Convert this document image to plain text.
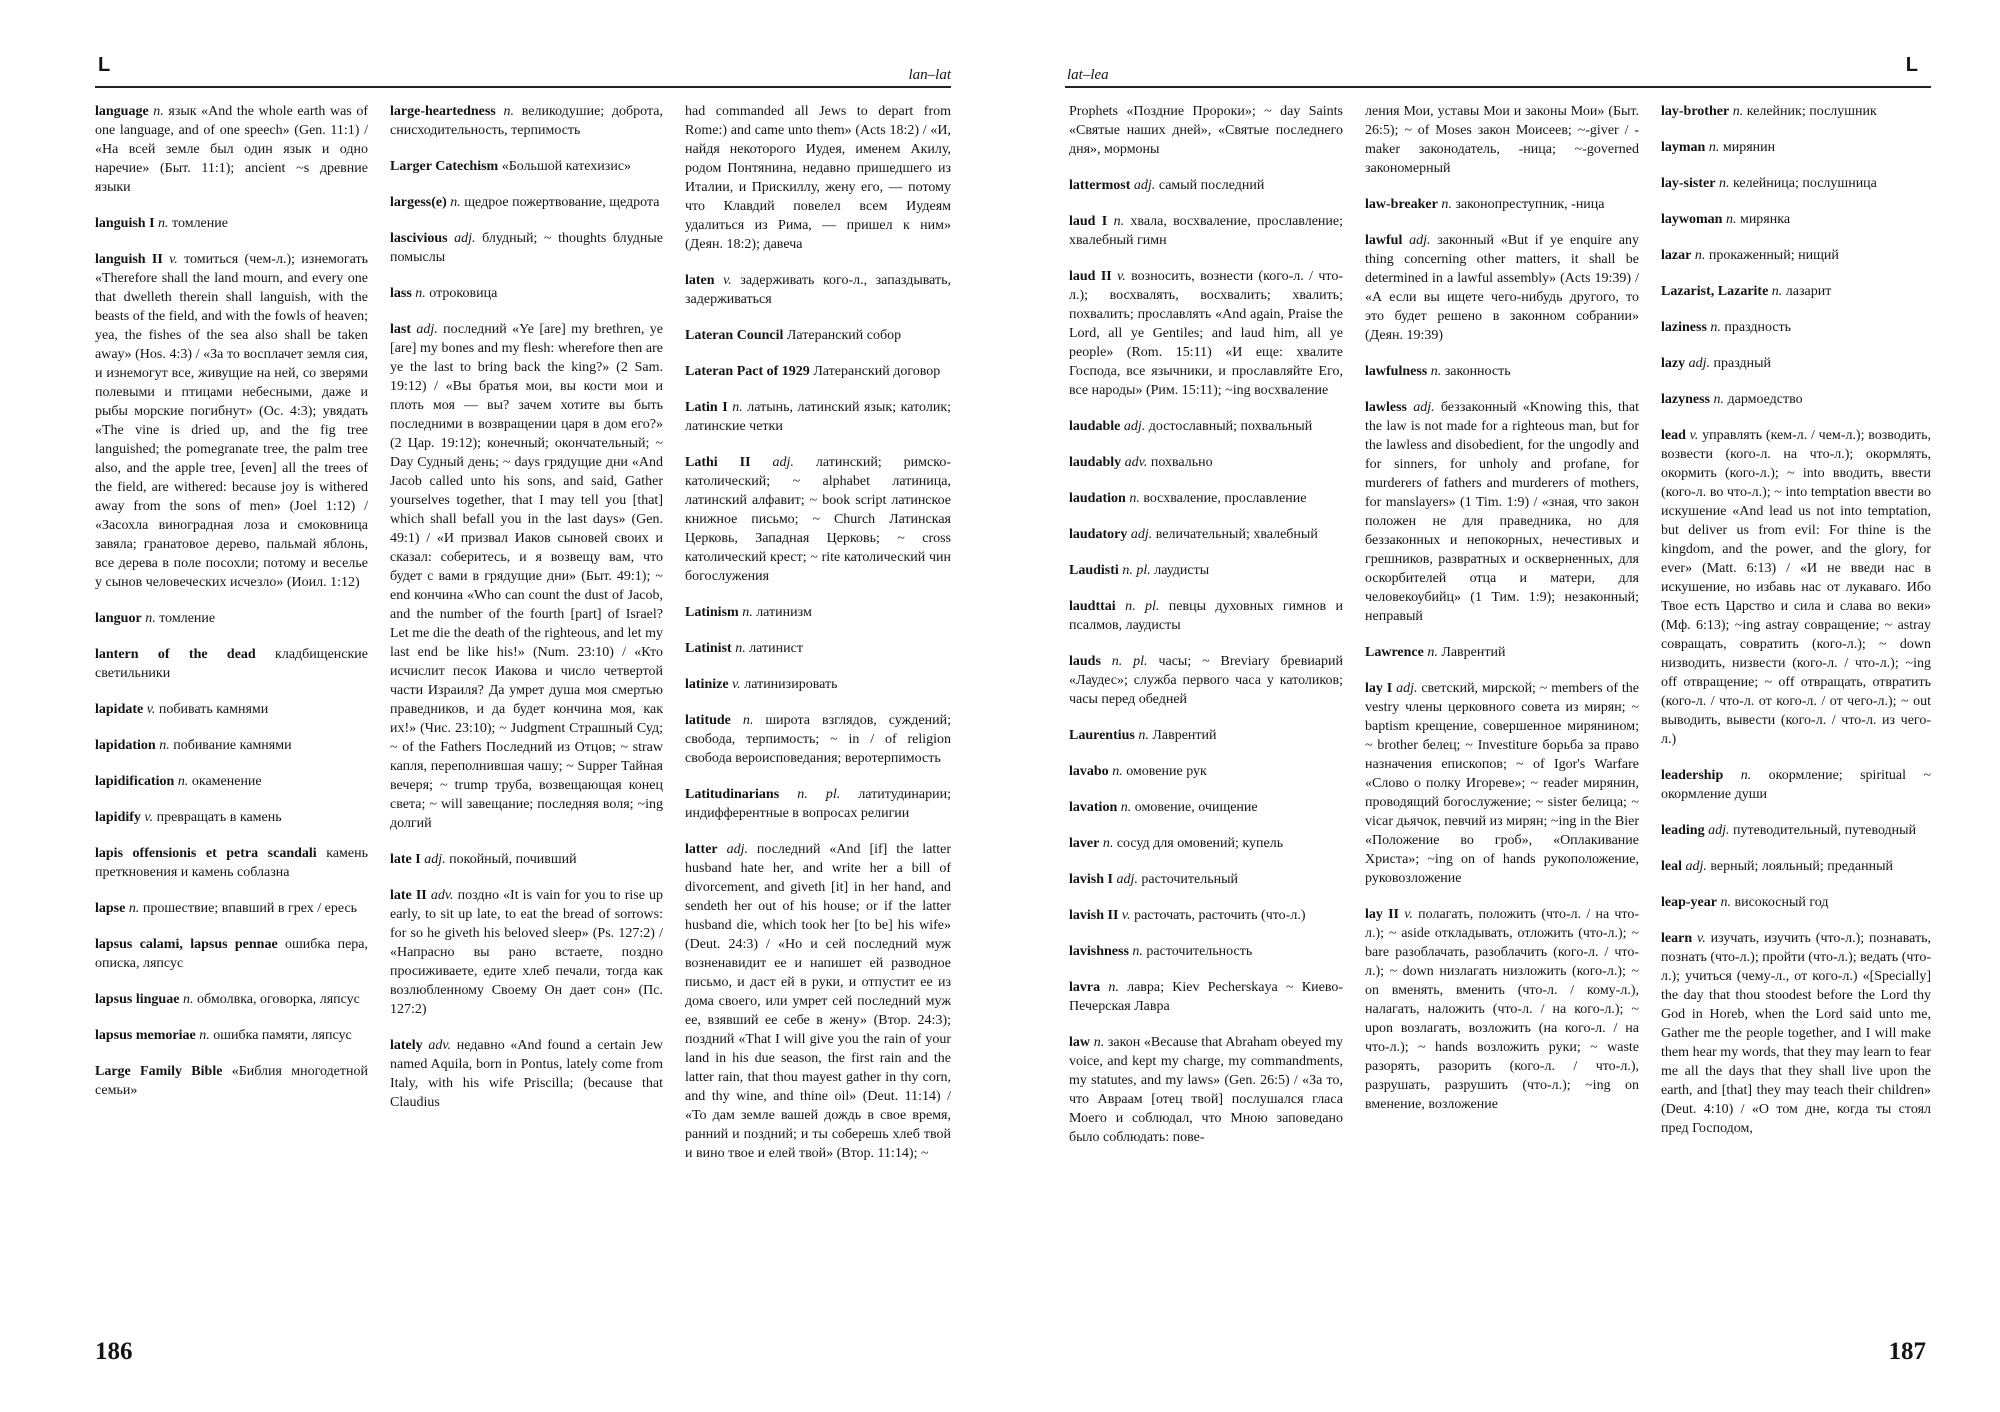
L	lan–lat

language n. язык «And the whole earth was of one language, and of one speech» (Gen. 11:1) / «На всей земле был один язык и одно наречие» (Быт. 11:1); ancient ~s древние языки

languish I n. томление

languish II v. томиться (чем-л.); изнемогать «Therefore shall the land mourn, and every one that dwelleth therein shall languish, with the beasts of the field, and with the fowls of heaven; yea, the fishes of the sea also shall be taken away» (Hos. 4:3) / «За то восплачет земля сия, и изнемогут все, живущие на ней, со зверями полевыми и птицами небесными, даже и рыбы морские погибнут» (Ос. 4:3); увядать «The vine is dried up, and the fig tree languished; the pomegranate tree, the palm tree also, and the apple tree, [even] all the trees of the field, are withered: because joy is withered away from the sons of men» (Joel 1:12) / «Засохла виноградная лоза и смоковница завяла; гранатовое дерево, пальмай яблонь, все дерева в поле посохли; потому и веселье у сынов человеческих исчезло» (Иоил. 1:12)

languor n. томление

lantern of the dead кладбищенские светильники

lapidate v. побивать камнями

lapidation n. побивание камнями

lapidification n. окаменение

lapidify v. превращать в камень

lapis offensionis et petra scandali камень преткновения и камень соблазна

lapse n. прошествие; впавший в грех / ересь

lapsus calami, lapsus pennae ошибка пера, описка, ляпсус

lapsus linguae n. обмолвка, оговорка, ляпсус

lapsus memoriae n. ошибка памяти, ляпсус

Large Family Bible «Библия многодетной семьи»

large-heartedness n. великодушие; доброта, снисходительность, терпимость

Larger Catechism «Большой катехизис»

largess(e) n. щедрое пожертвование, щедрота

lascivious adj. блудный; ~ thoughts блудные помыслы

lass n. отроковица

last adj. последний «Ye [are] my brethren, ye [are] my bones and my flesh: wherefore then are ye the last to bring back the king?» (2 Sam. 19:12) / «Вы братья мои, вы кости мои и плоть моя — вы? зачем хотите вы быть последними в возвращении царя в дом его?» (2 Цар. 19:12); конечный; окончательный; ~ Day Судный день; ~ days грядущие дни «And Jacob called unto his sons, and said, Gather yourselves together, that I may tell you [that] which shall befall you in the last days» (Gen. 49:1) / «И призвал Иаков сыновей своих и сказал: соберитесь, и я возвещу вам, что будет с вами в грядущие дни» (Быт. 49:1); ~ end кончина «Who can count the dust of Jacob, and the number of the fourth [part] of Israel? Let me die the death of the righteous, and let my last end be like his!» (Num. 23:10) / «Кто исчислит песок Иакова и число четвертой части Израиля? Да умрет душа моя смертью праведников, и да будет кончина моя, как их!» (Чис. 23:10); ~ Judgment Страшный Суд; ~ of the Fathers Последний из Отцов; ~ straw капля, переполнившая чашу; ~ Supper Тайная вечеря; ~ trump труба, возвещающая конец света; ~ will завещание; последняя воля; ~ing долгий

late I adj. покойный, почивший

late II adv. поздно «It is vain for you to rise up early, to sit up late, to eat the bread of sorrows: for so he giveth his beloved sleep» (Ps. 127:2) / «Напрасно вы рано встаете, поздно просиживаете, едите хлеб печали, тогда как возлюбленному Своему Он дает сон» (Пс. 127:2)

lately adv. недавно «And found a certain Jew named Aquila, born in Pontus, lately come from Italy, with his wife Priscilla; (because that Claudius

had commanded all Jews to depart from Rome:) and came unto them» (Acts 18:2) / «И, найдя некоторого Иудея, именем Акилу, родом Понтянина, недавно пришедшего из Италии, и Прискиллу, жену его, — потому что Клавдий повелел всем Иудеям удалиться из Рима, — пришел к ним» (Деян. 18:2); давеча

laten v. задерживать кого-л., запаздывать, задерживаться

Lateran Council Латеранский собор

Lateran Pact of 1929 Латеранский договор

Latin I n. латынь, латинский язык; католик; латинские четки

Lathi II adj. латинский; римско-католический; ~ alphabet латиница, латинский алфавит; ~ book script латинское книжное письмо; ~ Church Латинская Церковь, Западная Церковь; ~ cross католический крест; ~ rite католический чин богослужения

Latinism n. латинизм

Latinist n. латинист

latinize v. латинизировать

latitude n. широта взглядов, суждений; свобода, терпимость; ~ in / of religion свобода вероисповедания; веротерпимость

Latitudinarians n. pl. латитудинарии; индифферентные в вопросах религии

latter adj. последний «And [if] the latter husband hate her, and write her a bill of divorcement, and giveth [it] in her hand, and sendeth her out of his house; or if the latter husband die, which took her [to be] his wife» (Deut. 24:3) / «Но и сей последний муж возненавидит ее и напишет ей разводное письмо, и даст ей в руки, и отпустит ее из дома своего, или умрет сей последний муж ее, взявший ее себе в жену» (Втор. 24:3); поздний «That I will give you the rain of your land in his due season, the first rain and the latter rain, that thou mayest gather in thy corn, and thy wine, and thine oil» (Deut. 11:14) / «То дам земле вашей дождь в свое время, ранний и поздний; и ты соберешь хлеб твой и вино твое и елей твой» (Втор. 11:14); ~

186
lat–lea	L

Prophets «Поздние Пророки»; ~ day Saints «Святые наших дней», «Святые последнего дня», мормоны

lattermost adj. самый последний

laud I n. хвала, восхваление, прославление; хвалебный гимн

laud II v. возносить, вознести (кого-л. / что-л.); восхвалять, восхвалить; хвалить; похвалить; прославлять «And again, Praise the Lord, all ye Gentiles; and laud him, all ye people» (Rom. 15:11) «И еще: хвалите Господа, все язычники, и прославляйте Его, все народы» (Рим. 15:11); ~ing восхваление

laudable adj. достославный; похвальный

laudably adv. похвально

laudation n. восхваление, прославление

laudatory adj. величательный; хвалебный

Laudisti n. pl. лаудисты

laudttai n. pl. певцы духовных гимнов и псалмов, лаудисты

lauds n. pl. часы; ~ Breviary бревиарий «Лаудес»; служба первого часа у католиков; часы перед обедней

Laurentius n. Лаврентий

lavabo n. омовение рук

lavation n. омовение, очищение

laver n. сосуд для омовений; купель

lavish I adj. расточительный

lavish II v. расточать, расточить (что-л.)

lavishness n. расточительность

lavra n. лавра; Kiev Pecherskaya ~ Киево-Печерская Лавра

law n. закон «Because that Abraham obeyed my voice, and kept my charge, my commandments, my statutes, and my laws» (Gen. 26:5) / «За то, что Авраам [отец твой] послушался гласа Моего и соблюдал, что Мною заповедано было соблюдать: пове-

ления Мои, уставы Мои и законы Мои» (Быт. 26:5); ~ of Moses закон Моисеев; ~-giver / -maker законодатель, -ница; ~-governed закономерный

law-breaker n. законопреступник, -ница

lawful adj. законный «But if ye enquire any thing concerning other matters, it shall be determined in a lawful assembly» (Acts 19:39) / «А если вы ищете чего-нибудь другого, то это будет решено в законном собрании» (Деян. 19:39)

lawfulness n. законность

lawless adj. беззаконный «Knowing this, that the law is not made for a righteous man, but for the lawless and disobedient, for the ungodly and for sinners, for unholy and profane, for murderers of fathers and murderers of mothers, for manslayers» (1 Tim. 1:9) / «зная, что закон положен не для праведника, но для беззаконных и непокорных, нечестивых и грешников, развратных и оскверненных, для оскорбителей отца и матери, для человекоубийц» (1 Тим. 1:9); незаконный; неправый

Lawrence n. Лаврентий

lay I adj. светский, мирской; ~ members of the vestry члены церковного совета из мирян; ~ baptism крещение, совершенное мирянином; ~ brother белец; ~ Investiture борьба за право назначения епископов; ~ of Igor's Warfare «Слово о полку Игореве»; ~ reader мирянин, проводящий богослужение; ~ sister белица; ~ vicar дьячок, певчий из мирян; ~ing in the Bier «Положение во гроб», «Оплакивание Христа»; ~ing on of hands рукоположение, руковозложение

lay II v. полагать, положить (что-л. / на что-л.); ~ aside откладывать, отложить (что-л.); ~ bare разоблачать, разоблачить (кого-л. / что-л.); ~ down низлагать низложить (кого-л.); ~ on вменять, вменить (что-л. / кому-л.), налагать, наложить (что-л. / на кого-л.); ~ upon возлагать, возложить (на кого-л. / на что-л.); ~ hands возложить руки; ~ waste разорять, разорить (кого-л. / что-л.), разрушать, разрушить (что-л.); ~ing on вменение, возложение

lay-brother n. келейник; послушник

layman n. мирянин

lay-sister n. келейница; послушница

laywoman n. мирянка

lazar n. прокаженный; нищий

Lazarist, Lazarite n. лазарит

laziness n. праздность

lazy adj. праздный

lazyness n. дармоедство

lead v. управлять (кем-л. / чем-л.); возводить, возвести (кого-л. на что-л.); окормлять, окормить (кого-л.); ~ into вводить, ввести (кого-л. во что-л.); ~ into temptation ввести во искушение «And lead us not into temptation, but deliver us from evil: For thine is the kingdom, and the power, and the glory, for ever» (Matt. 6:13) / «И не введи нас в искушение, но избавь нас от лукаваго. Ибо Твое есть Царство и сила и слава во веки» (Мф. 6:13); ~ing astray совращение; ~ astray совращать, совратить (кого-л.); ~ down низводить, низвести (кого-л. / что-л.); ~ing off отвращение; ~ off отвращать, отвратить (кого-л. / что-л. от кого-л. / от чего-л.); ~ out выводить, вывести (кого-л. / что-л. из чего-л.)

leadership n. окормление; spiritual ~ окормление души

leading adj. путеводительный, путеводный

leal adj. верный; лояльный; преданный

leap-year n. високосный год

learn v. изучать, изучить (что-л.); познавать, познать (что-л.); пройти (что-л.); ведать (что-л.); учиться (чему-л., от кого-л.) «[Specially] the day that thou stoodest before the Lord thy God in Horeb, when the Lord said unto me, Gather me the people together, and I will make them hear my words, that they may learn to fear me all the days that they shall live upon the earth, and [that] they may teach their children» (Deut. 4:10) / «О том дне, когда ты стоял пред Господом,

187
